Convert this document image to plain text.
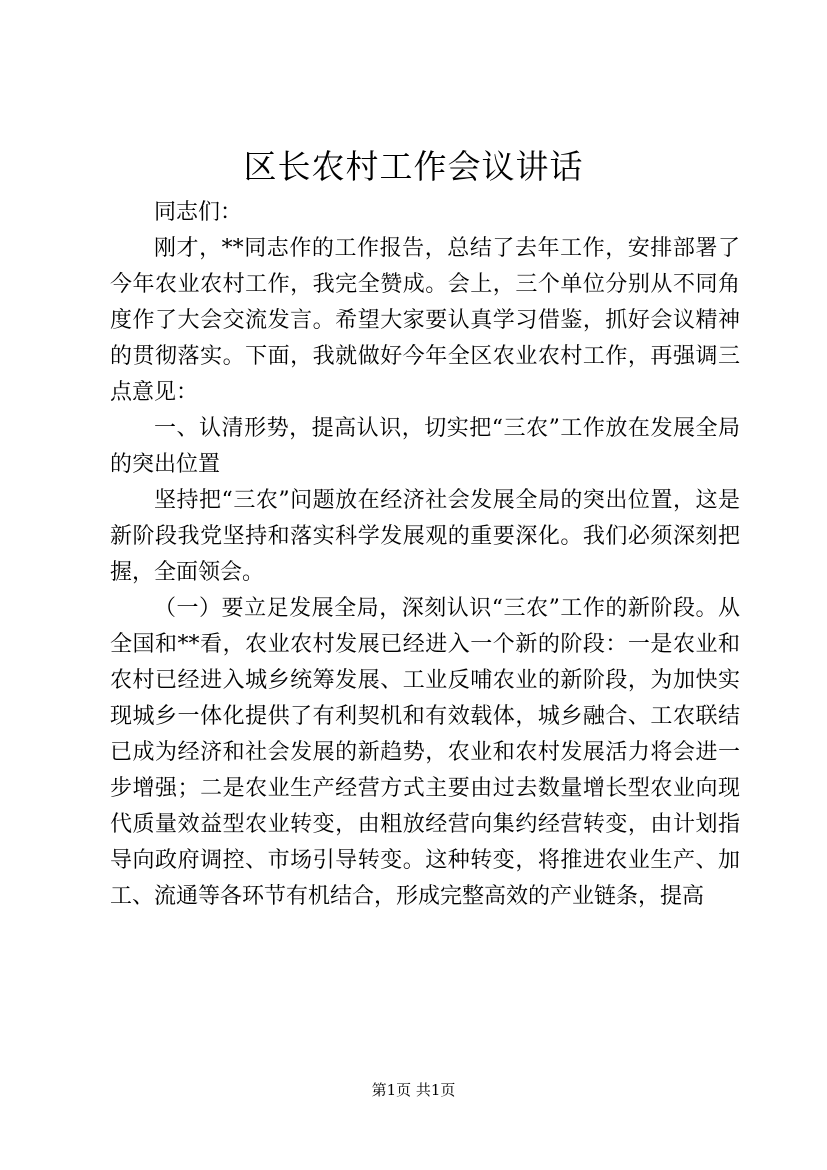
区长农村工作会议讲话

同志们：

刚才，**同志作的工作报告，总结了去年工作，安排部署了今年农业农村工作，我完全赞成。会上，三个单位分别从不同角度作了大会交流发言。希望大家要认真学习借鉴，抓好会议精神的贯彻落实。下面，我就做好今年全区农业农村工作，再强调三点意见：

一、认清形势，提高认识，切实把“三农”工作放在发展全局的突出位置

坚持把“三农”问题放在经济社会发展全局的突出位置，这是新阶段我党坚持和落实科学发展观的重要深化。我们必须深刻把握，全面领会。

（一）要立足发展全局，深刻认识“三农”工作的新阶段。从全国和**看，农业农村发展已经进入一个新的阶段：一是农业和农村已经进入城乡统筹发展、工业反哺农业的新阶段，为加快实现城乡一体化提供了有利契机和有效载体，城乡融合、工农联结已成为经济和社会发展的新趋势，农业和农村发展活力将会进一步增强；二是农业生产经营方式主要由过去数量增长型农业向现代质量效益型农业转变，由粗放经营向集约经营转变，由计划指导向政府调控、市场引导转变。这种转变，将推进农业生产、加工、流通等各环节有机结合，形成完整高效的产业链条，提高

第1页 共1页
